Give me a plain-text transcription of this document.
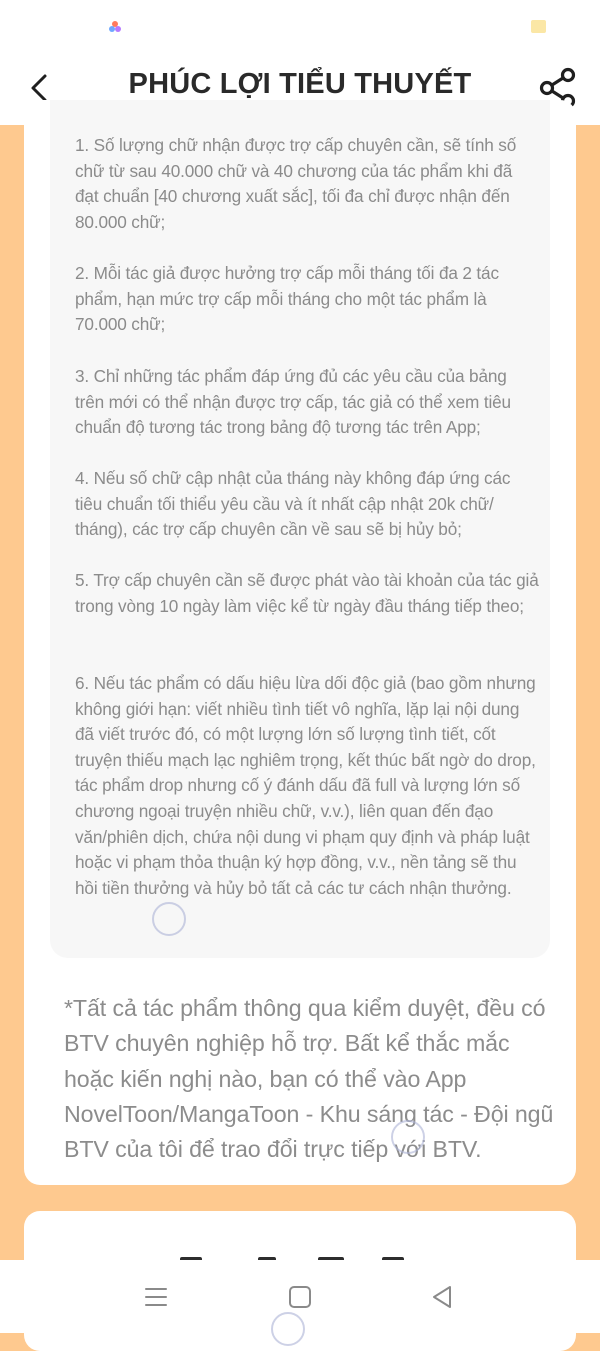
PHÚC LỢI TIỂU THUYẾT
1. Số lượng chữ nhận được trợ cấp chuyên cần, sẽ tính số chữ từ sau 40.000 chữ và 40 chương của tác phẩm khi đã đạt chuẩn [40 chương xuất sắc], tối đa chỉ được nhận đến 80.000 chữ;
2. Mỗi tác giả được hưởng trợ cấp mỗi tháng tối đa 2 tác phẩm, hạn mức trợ cấp mỗi tháng cho một tác phẩm là 70.000 chữ;
3. Chỉ những tác phẩm đáp ứng đủ các yêu cầu của bảng trên mới có thể nhận được trợ cấp, tác giả có thể xem tiêu chuẩn độ tương tác trong bảng độ tương tác trên App;
4. Nếu số chữ cập nhật của tháng này không đáp ứng các tiêu chuẩn tối thiểu yêu cầu và ít nhất cập nhật 20k chữ/ tháng), các trợ cấp chuyên cần về sau sẽ bị hủy bỏ;
5. Trợ cấp chuyên cần sẽ được phát vào tài khoản của tác giả trong vòng 10 ngày làm việc kể từ ngày đầu tháng tiếp theo;
6. Nếu tác phẩm có dấu hiệu lừa dối độc giả (bao gồm nhưng không giới hạn: viết nhiều tình tiết vô nghĩa, lặp lại nội dung đã viết trước đó, có một lượng lớn số lượng tình tiết, cốt truyện thiếu mạch lạc nghiêm trọng, kết thúc bất ngờ do drop, tác phẩm drop nhưng cố ý đánh dấu đã full và lượng lớn số chương ngoại truyện nhiều chữ, v.v.), liên quan đến đạo văn/phiên dịch, chứa nội dung vi phạm quy định và pháp luật hoặc vi phạm thỏa thuận ký hợp đồng, v.v., nền tảng sẽ thu hồi tiền thưởng và hủy bỏ tất cả các tư cách nhận thưởng.

*Tất cả tác phẩm thông qua kiểm duyệt, đều có BTV chuyên nghiệp hỗ trợ. Bất kể thắc mắc hoặc kiến nghị nào, bạn có thể vào App NovelToon/MangaToon - Khu sáng tác - Đội ngũ BTV của tôi để trao đổi trực tiếp với BTV.
